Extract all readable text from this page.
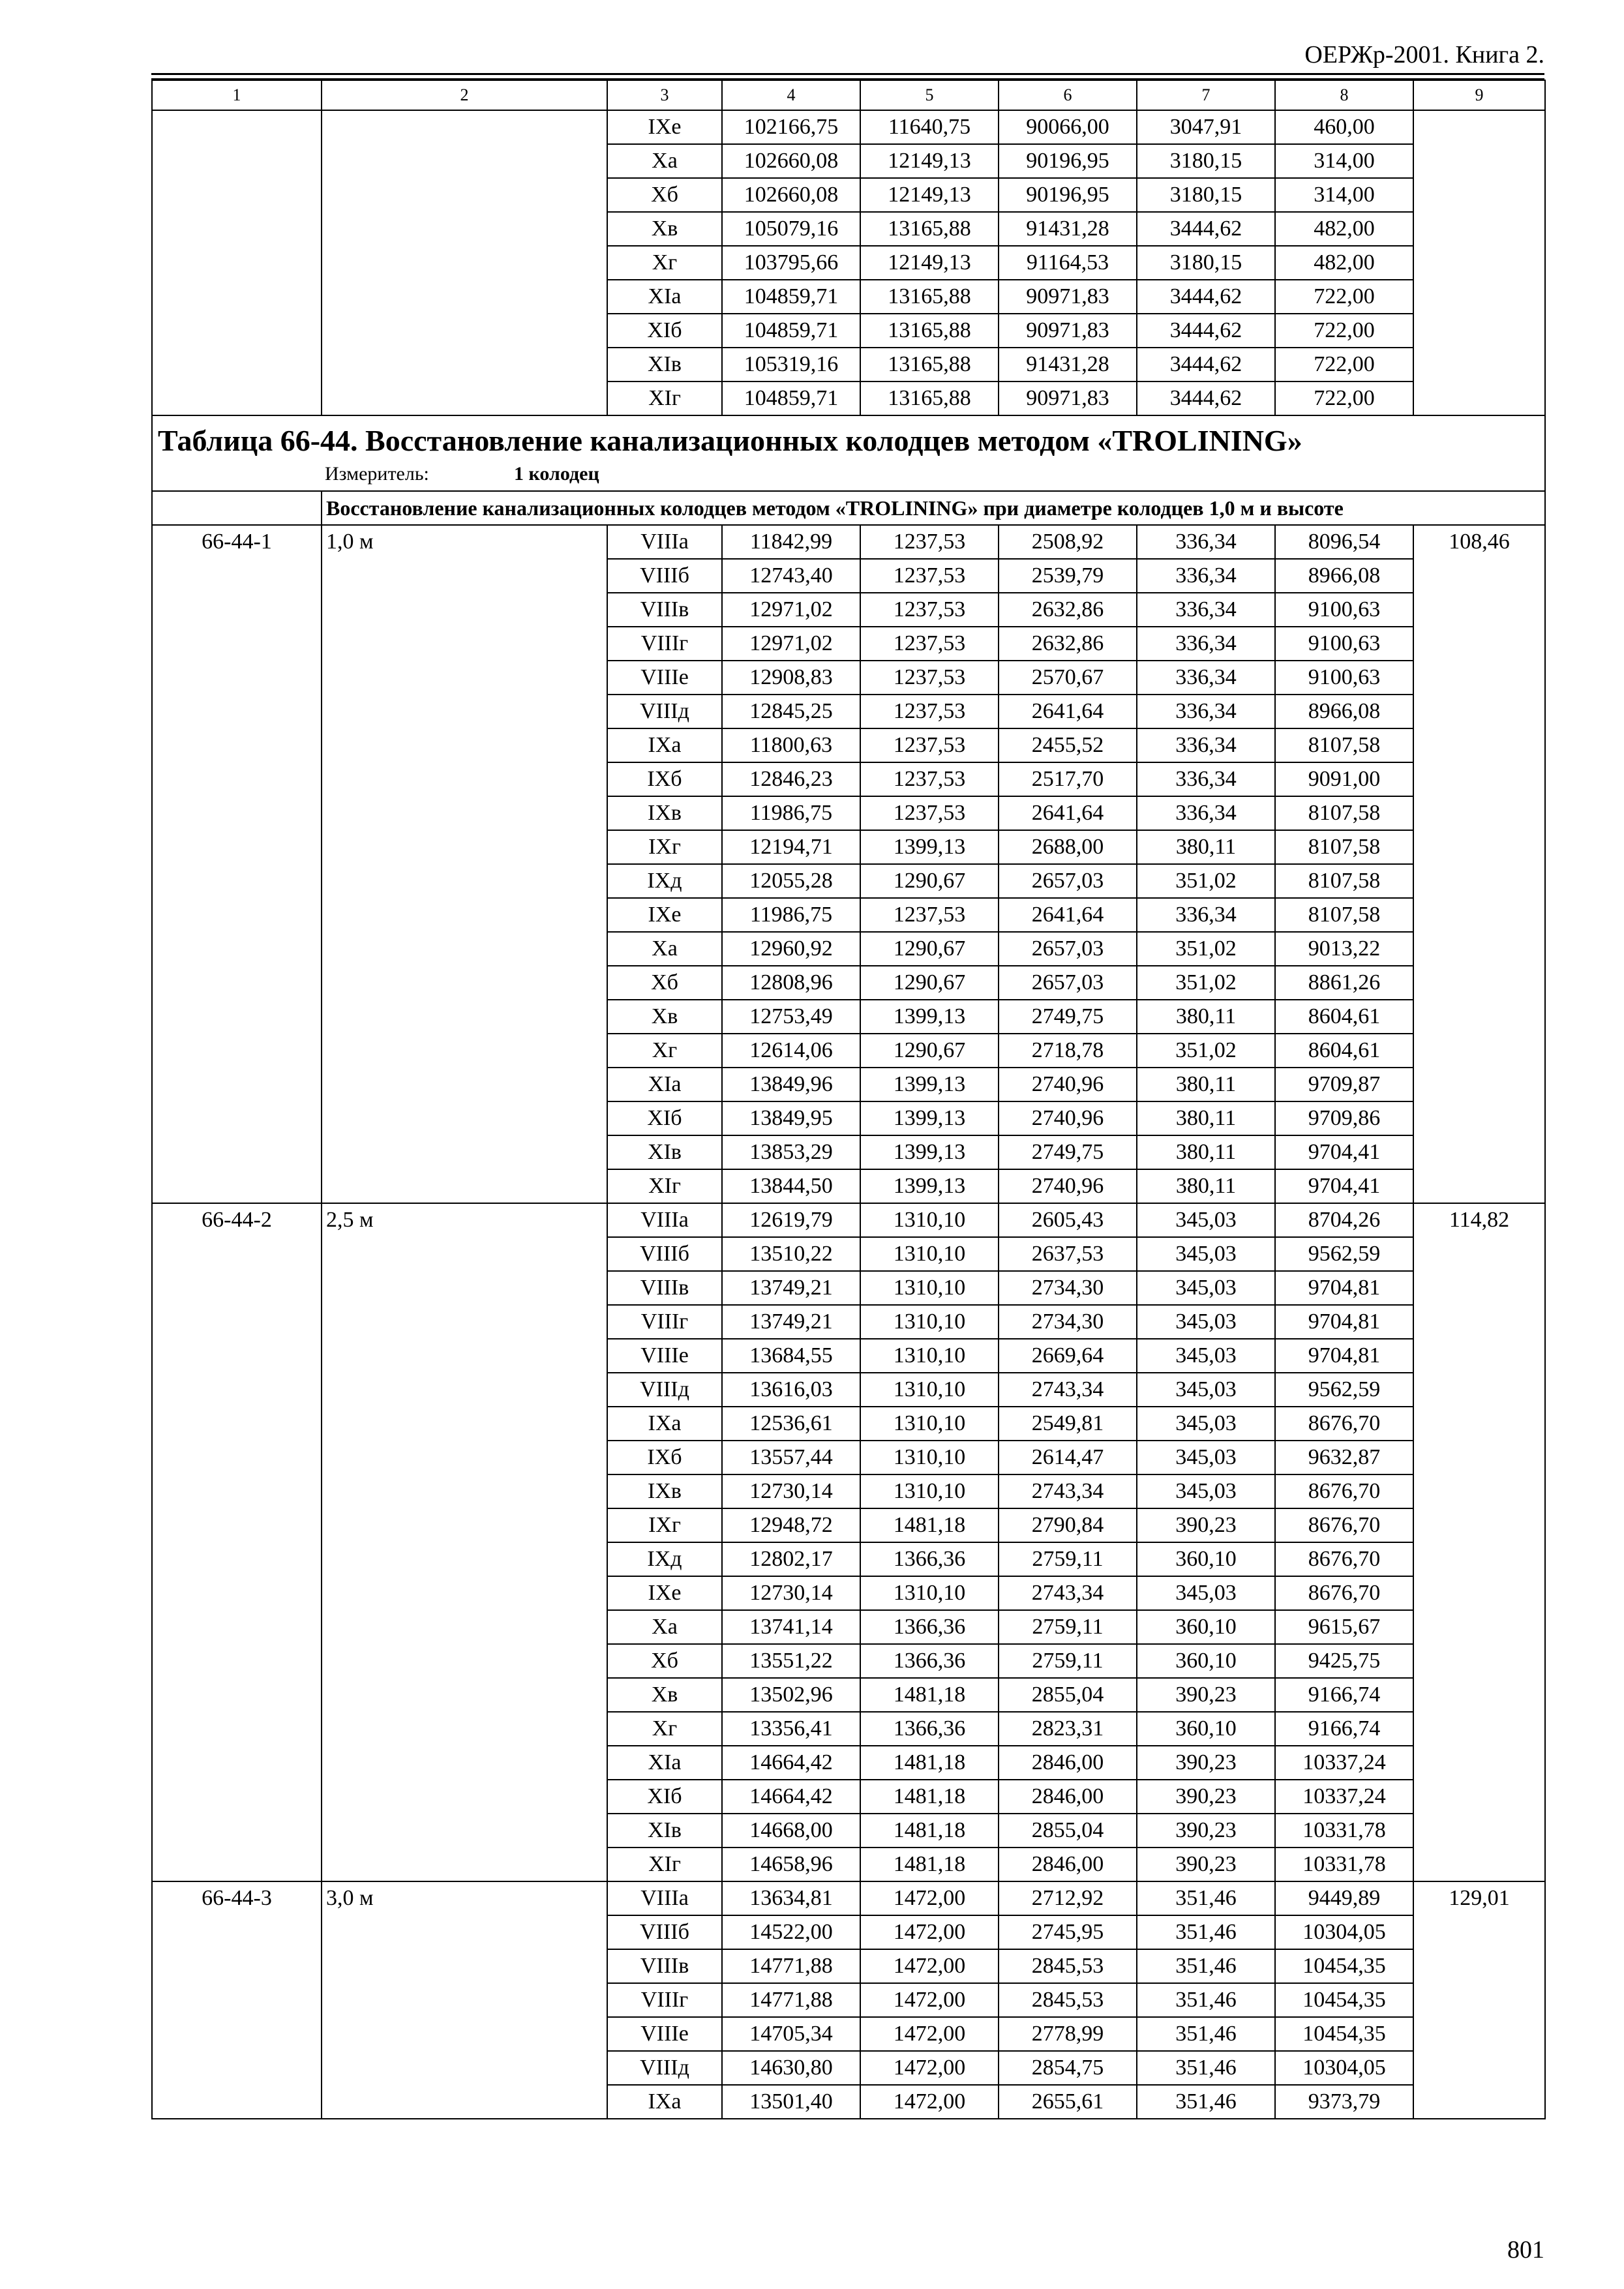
ОЕРЖр-2001. Книга 2.
1	2	3	4	5	6	7	8	9
		IXе	102166,75	11640,75	90066,00	3047,91	460,00	
		Xа	102660,08	12149,13	90196,95	3180,15	314,00	
		Xб	102660,08	12149,13	90196,95	3180,15	314,00	
		Xв	105079,16	13165,88	91431,28	3444,62	482,00	
		Xг	103795,66	12149,13	91164,53	3180,15	482,00	
		XIа	104859,71	13165,88	90971,83	3444,62	722,00	
		XIб	104859,71	13165,88	90971,83	3444,62	722,00	
		XIв	105319,16	13165,88	91431,28	3444,62	722,00	
		XIг	104859,71	13165,88	90971,83	3444,62	722,00	

Таблица 66-44. Восстановление канализационных колодцев методом «TROLINING»
Измеритель: 1 колодец								

	Восстановление канализационных колодцев методом «TROLINING» при диаметре колодцев 1,0 м и высоте							
66-44-1	1,0 м	VIIIа	11842,99	1237,53	2508,92	336,34	8096,54	108,46
		VIIIб	12743,40	1237,53	2539,79	336,34	8966,08	
		VIIIв	12971,02	1237,53	2632,86	336,34	9100,63	
		VIIIг	12971,02	1237,53	2632,86	336,34	9100,63	
		VIIIе	12908,83	1237,53	2570,67	336,34	9100,63	
		VIIIд	12845,25	1237,53	2641,64	336,34	8966,08	
		IXа	11800,63	1237,53	2455,52	336,34	8107,58	
		IXб	12846,23	1237,53	2517,70	336,34	9091,00	
		IXв	11986,75	1237,53	2641,64	336,34	8107,58	
		IXг	12194,71	1399,13	2688,00	380,11	8107,58	
		IXд	12055,28	1290,67	2657,03	351,02	8107,58	
		IXе	11986,75	1237,53	2641,64	336,34	8107,58	
		Xа	12960,92	1290,67	2657,03	351,02	9013,22	
		Xб	12808,96	1290,67	2657,03	351,02	8861,26	
		Xв	12753,49	1399,13	2749,75	380,11	8604,61	
		Xг	12614,06	1290,67	2718,78	351,02	8604,61	
		XIа	13849,96	1399,13	2740,96	380,11	9709,87	
		XIб	13849,95	1399,13	2740,96	380,11	9709,86	
		XIв	13853,29	1399,13	2749,75	380,11	9704,41	
		XIг	13844,50	1399,13	2740,96	380,11	9704,41	
66-44-2	2,5 м	VIIIа	12619,79	1310,10	2605,43	345,03	8704,26	114,82
		VIIIб	13510,22	1310,10	2637,53	345,03	9562,59	
		VIIIв	13749,21	1310,10	2734,30	345,03	9704,81	
		VIIIг	13749,21	1310,10	2734,30	345,03	9704,81	
		VIIIе	13684,55	1310,10	2669,64	345,03	9704,81	
		VIIIд	13616,03	1310,10	2743,34	345,03	9562,59	
		IXа	12536,61	1310,10	2549,81	345,03	8676,70	
		IXб	13557,44	1310,10	2614,47	345,03	9632,87	
		IXв	12730,14	1310,10	2743,34	345,03	8676,70	
		IXг	12948,72	1481,18	2790,84	390,23	8676,70	
		IXд	12802,17	1366,36	2759,11	360,10	8676,70	
		IXе	12730,14	1310,10	2743,34	345,03	8676,70	
		Xа	13741,14	1366,36	2759,11	360,10	9615,67	
		Xб	13551,22	1366,36	2759,11	360,10	9425,75	
		Xв	13502,96	1481,18	2855,04	390,23	9166,74	
		Xг	13356,41	1366,36	2823,31	360,10	9166,74	
		XIа	14664,42	1481,18	2846,00	390,23	10337,24	
		XIб	14664,42	1481,18	2846,00	390,23	10337,24	
		XIв	14668,00	1481,18	2855,04	390,23	10331,78	
		XIг	14658,96	1481,18	2846,00	390,23	10331,78	
66-44-3	3,0 м	VIIIа	13634,81	1472,00	2712,92	351,46	9449,89	129,01
		VIIIб	14522,00	1472,00	2745,95	351,46	10304,05	
		VIIIв	14771,88	1472,00	2845,53	351,46	10454,35	
		VIIIг	14771,88	1472,00	2845,53	351,46	10454,35	
		VIIIе	14705,34	1472,00	2778,99	351,46	10454,35	
		VIIIд	14630,80	1472,00	2854,75	351,46	10304,05	
		IXа	13501,40	1472,00	2655,61	351,46	9373,79	
801
